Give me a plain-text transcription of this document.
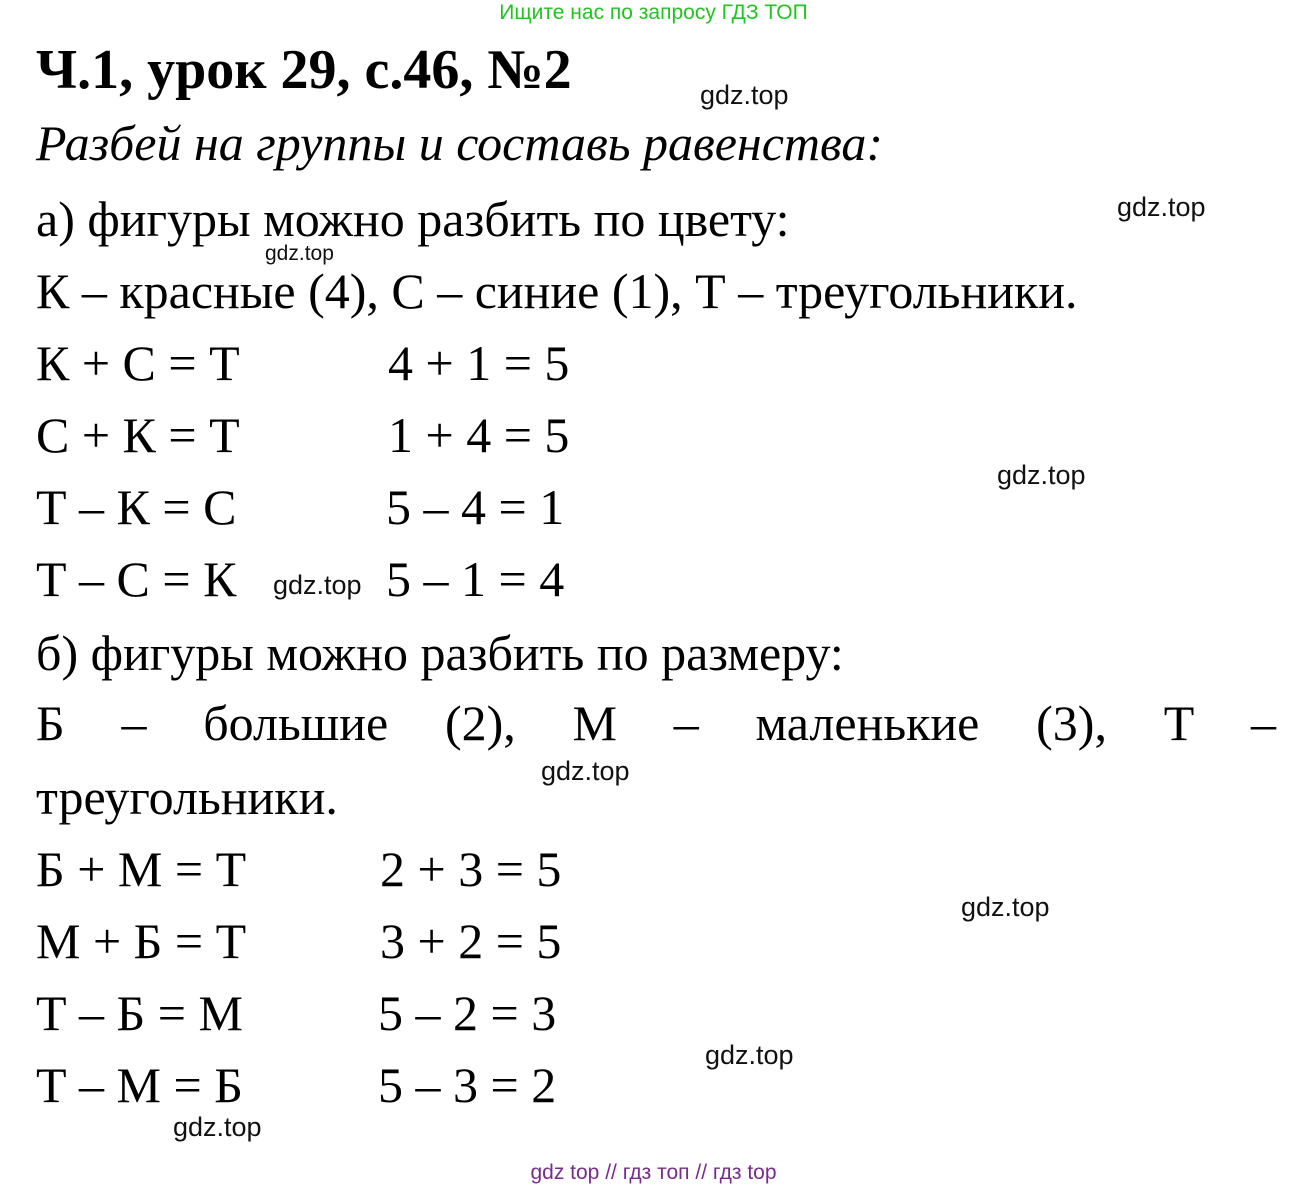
Ищите нас по запросу ГДЗ ТОП
Ч.1, урок 29, с.46, №2	gdz.top
Разбей на группы и составь равенства:
а) фигуры можно разбить по цвету:	gdz.top
gdz.top
К – красные (4), С – синие (1), Т – треугольники.
К + С = Т	4 + 1 = 5
С + К = Т	1 + 4 = 5
gdz.top
Т – К = С	5 – 4 = 1
Т – С = К gdz.top 5 – 1 = 4
б) фигуры можно разбить по размеру:
Б – большие (2), М – маленькие (3), Т –
gdz.top
треугольники.
Б + М = Т	2 + 3 = 5
gdz.top
М + Б = Т	3 + 2 = 5
Т – Б = М	5 – 2 = 3
gdz.top
Т – М = Б	5 – 3 = 2
gdz.top
gdz top // гдз топ // гдз top
